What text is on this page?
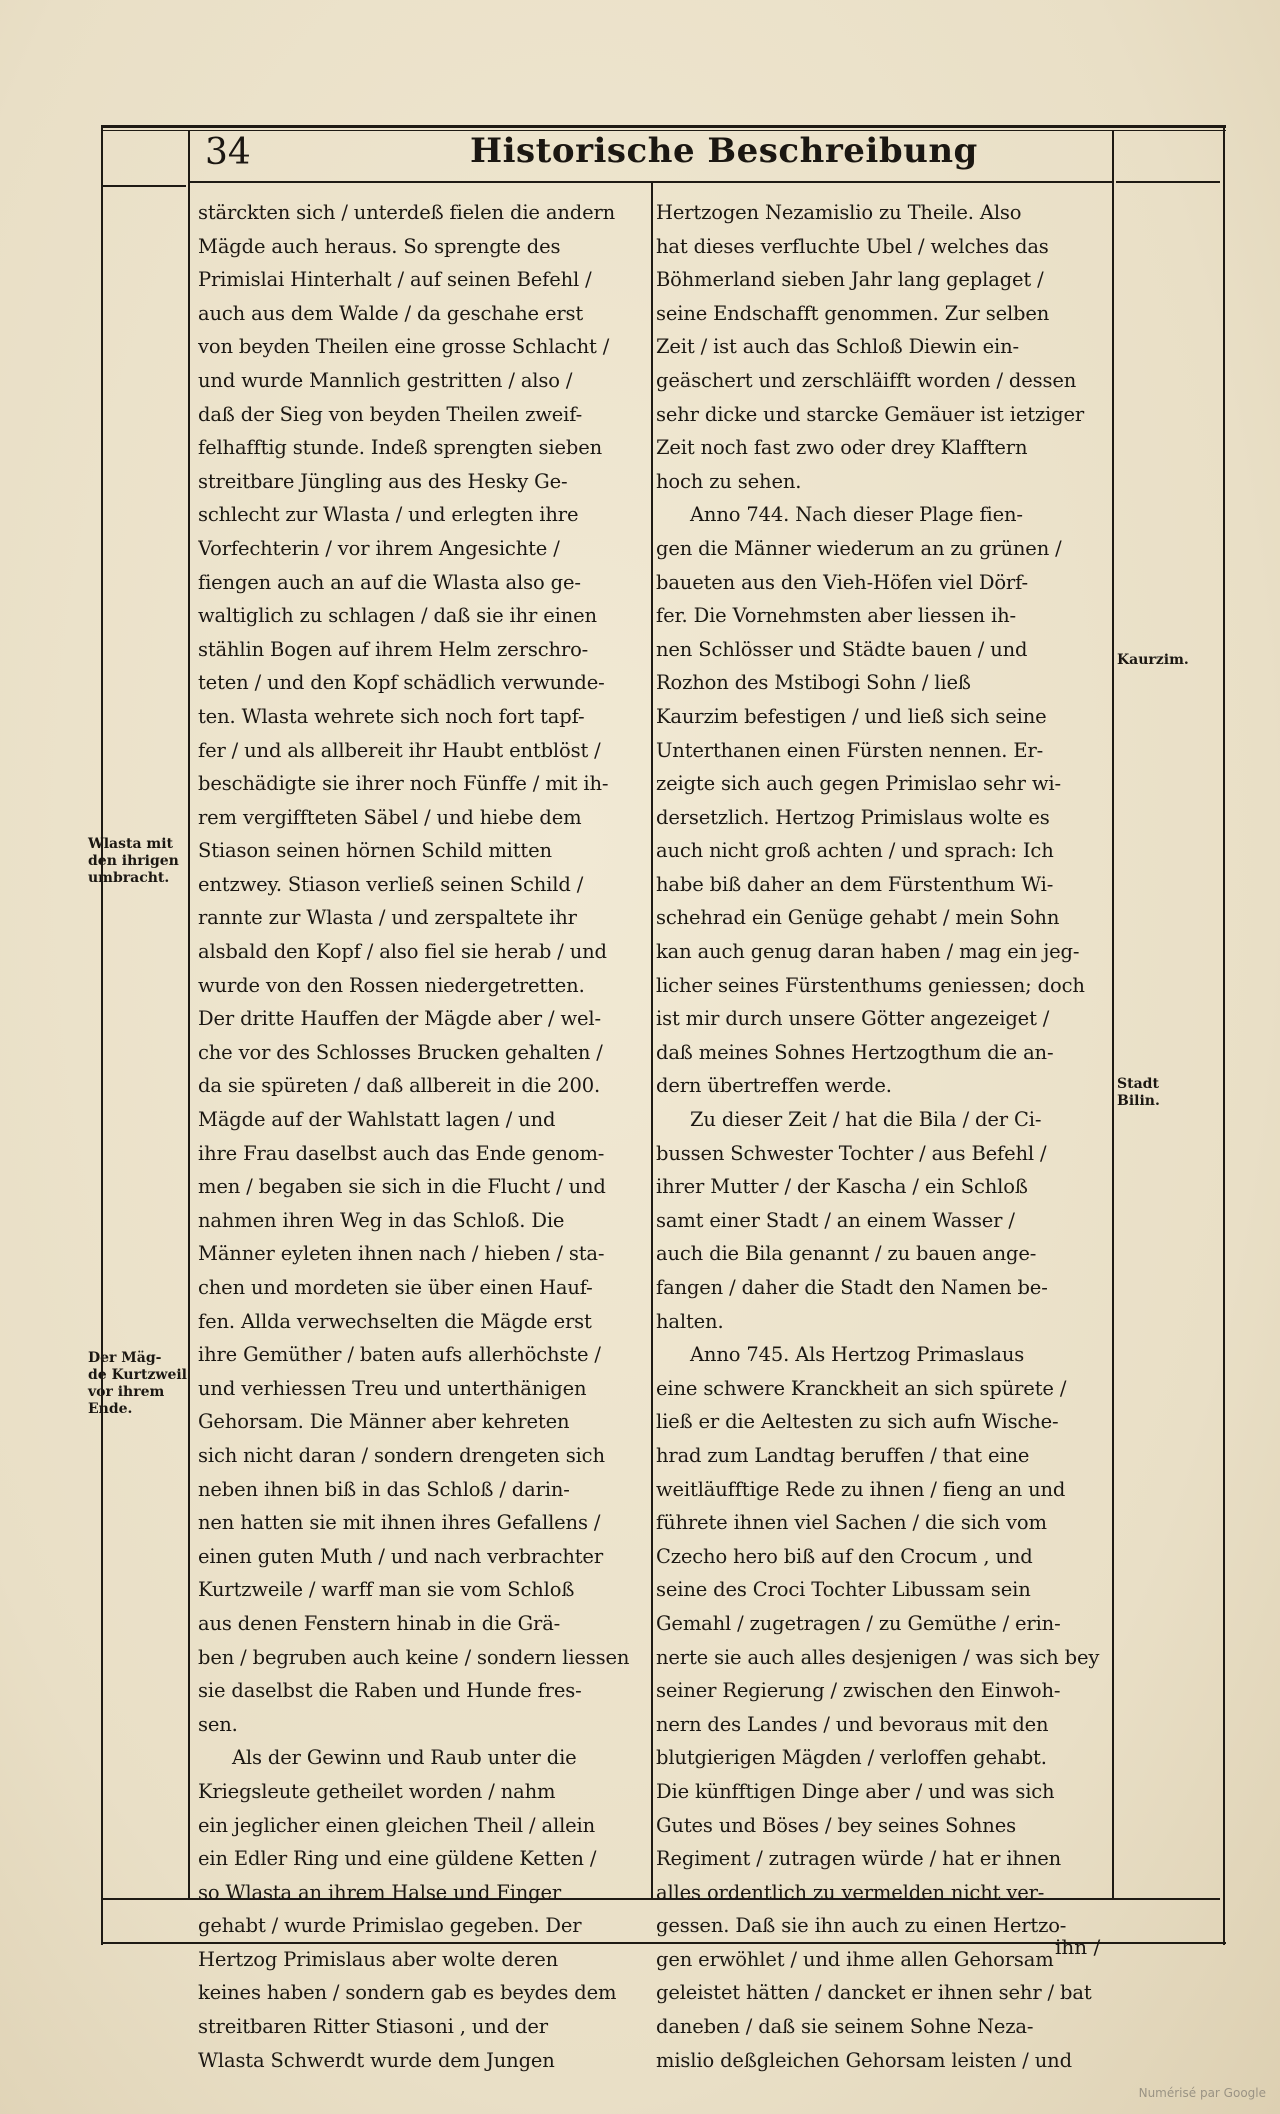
34	Historische Beschreibung
stärckten sich / unterdeß fielen die andern
Mägde auch heraus. So sprengte des
Primislai Hinterhalt / auf seinen Befehl /
auch aus dem Walde / da geschahe erst
von beyden Theilen eine grosse Schlacht /
und wurde Mannlich gestritten / also /
daß der Sieg von beyden Theilen zweif-
felhafftig stunde. Indeß sprengten sieben
streitbare Jüngling aus des Hesky Ge-
schlecht zur Wlasta / und erlegten ihre
Vorfechterin / vor ihrem Angesichte /
fiengen auch an auf die Wlasta also ge-
waltiglich zu schlagen / daß sie ihr einen
stählin Bogen auf ihrem Helm zerschro-
teten / und den Kopf schädlich verwunde-
ten. Wlasta wehrete sich noch fort tapf-
fer / und als allbereit ihr Haubt entblöst /
beschädigte sie ihrer noch Fünffe / mit ih-
rem vergiffteten Säbel / und hiebe dem
Stiason seinen hörnen Schild mitten
entzwey. Stiason verließ seinen Schild /
rannte zur Wlasta / und zerspaltete ihr
alsbald den Kopf / also fiel sie herab / und
wurde von den Rossen niedergetretten.
Der dritte Hauffen der Mägde aber / wel-
che vor des Schlosses Brucken gehalten /
da sie spüreten / daß allbereit in die 200.
Mägde auf der Wahlstatt lagen / und
ihre Frau daselbst auch das Ende genom-
men / begaben sie sich in die Flucht / und
nahmen ihren Weg in das Schloß. Die
Männer eyleten ihnen nach / hieben / sta-
chen und mordeten sie über einen Hauf-
fen. Allda verwechselten die Mägde erst
ihre Gemüther / baten aufs allerhöchste /
und verhiessen Treu und unterthänigen
Gehorsam. Die Männer aber kehreten
sich nicht daran / sondern drengeten sich
neben ihnen biß in das Schloß / darin-
nen hatten sie mit ihnen ihres Gefallens /
einen guten Muth / und nach verbrachter
Kurtzweile / warff man sie vom Schloß
aus denen Fenstern hinab in die Grä-
ben / begruben auch keine / sondern liessen
sie daselbst die Raben und Hunde fres-
sen.
Als der Gewinn und Raub unter die
Kriegsleute getheilet worden / nahm
ein jeglicher einen gleichen Theil / allein
ein Edler Ring und eine güldene Ketten /
so Wlasta an ihrem Halse und Finger
gehabt / wurde Primislao gegeben. Der
Hertzog Primislaus aber wolte deren
keines haben / sondern gab es beydes dem
streitbaren Ritter Stiasoni , und der
Wlasta Schwerdt wurde dem Jungen
Hertzogen Nezamislio zu Theile. Also
hat dieses verfluchte Ubel / welches das
Böhmerland sieben Jahr lang geplaget /
seine Endschafft genommen. Zur selben
Zeit / ist auch das Schloß Diewin ein-
geäschert und zerschläifft worden / dessen
sehr dicke und starcke Gemäuer ist ietziger
Zeit noch fast zwo oder drey Klafftern
hoch zu sehen.
Anno 744. Nach dieser Plage fien-
gen die Männer wiederum an zu grünen /
baueten aus den Vieh-Höfen viel Dörf-
fer. Die Vornehmsten aber liessen ih-
nen Schlösser und Städte bauen / und
Rozhon des Mstibogi Sohn / ließ
Kaurzim befestigen / und ließ sich seine
Unterthanen einen Fürsten nennen. Er-
zeigte sich auch gegen Primislao sehr wi-
dersetzlich. Hertzog Primislaus wolte es
auch nicht groß achten / und sprach: Ich
habe biß daher an dem Fürstenthum Wi-
schehrad ein Genüge gehabt / mein Sohn
kan auch genug daran haben / mag ein jeg-
licher seines Fürstenthums geniessen; doch
ist mir durch unsere Götter angezeiget /
daß meines Sohnes Hertzogthum die an-
dern übertreffen werde.
Zu dieser Zeit / hat die Bila / der Ci-
bussen Schwester Tochter / aus Befehl /
ihrer Mutter / der Kascha / ein Schloß
samt einer Stadt / an einem Wasser /
auch die Bila genannt / zu bauen ange-
fangen / daher die Stadt den Namen be-
halten.
Anno 745. Als Hertzog Primaslaus
eine schwere Kranckheit an sich spürete /
ließ er die Aeltesten zu sich aufn Wische-
hrad zum Landtag beruffen / that eine
weitläufftige Rede zu ihnen / fieng an und
führete ihnen viel Sachen / die sich vom
Czecho hero biß auf den Crocum , und
seine des Croci Tochter Libussam sein
Gemahl / zugetragen / zu Gemüthe / erin-
nerte sie auch alles desjenigen / was sich bey
seiner Regierung / zwischen den Einwoh-
nern des Landes / und bevoraus mit den
blutgierigen Mägden / verloffen gehabt.
Die künfftigen Dinge aber / und was sich
Gutes und Böses / bey seines Sohnes
Regiment / zutragen würde / hat er ihnen
alles ordentlich zu vermelden nicht ver-
gessen. Daß sie ihn auch zu einen Hertzo-
gen erwöhlet / und ihme allen Gehorsam
geleistet hätten / dancket er ihnen sehr / bat
daneben / daß sie seinem Sohne Neza-
mislio deßgleichen Gehorsam leisten / und
Wlasta mit
den ihrigen
umbracht.
Der Mäg-
de Kurtzweil
vor ihrem
Ende.
Kaurzim.
Stadt
Bilin.
ihn /
Numérisé par Google
